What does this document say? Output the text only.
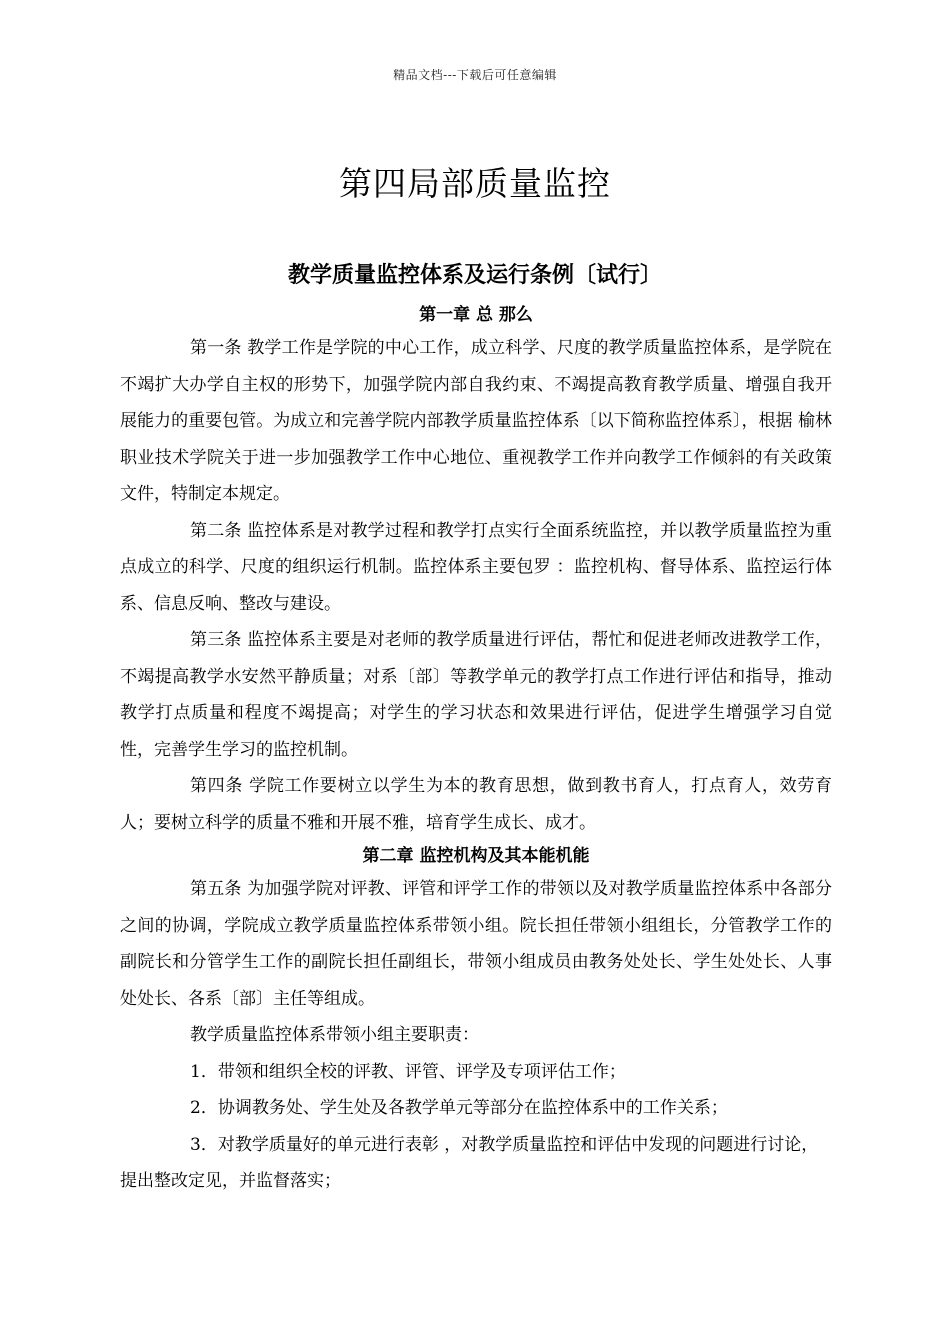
精品文档---下载后可任意编辑
第四局部质量监控
教学质量监控体系及运行条例〔试行〕
第一章 总 那么

第一条 教学工作是学院的中心工作，成立科学、尺度的教学质量监控体系，是学院在不竭扩大办学自主权的形势下，加强学院内部自我约束、不竭提高教育教学质量、增强自我开展能力的重要包管。为成立和完善学院内部教学质量监控体系〔以下简称监控体系〕，根据 榆林职业技术学院关于进一步加强教学工作中心地位、重视教学工作并向教学工作倾斜的有关政策文件，特制定本规定。

第二条 监控体系是对教学过程和教学打点实行全面系统监控，并以教学质量监控为重点成立的科学、尺度的组织运行机制。监控体系主要包罗 ：监控机构、督导体系、监控运行体系、信息反响、整改与建设。

第三条 监控体系主要是对老师的教学质量进行评估，帮忙和促进老师改进教学工作，不竭提高教学水安然平静质量；对系〔部〕等教学单元的教学打点工作进行评估和指导，推动教学打点质量和程度不竭提高；对学生的学习状态和效果进行评估，促进学生增强学习自觉性，完善学生学习的监控机制。

第四条 学院工作要树立以学生为本的教育思想，做到教书育人，打点育人，效劳育人；要树立科学的质量不雅和开展不雅，培育学生成长、成才。

第二章 监控机构及其本能机能

第五条 为加强学院对评教、评管和评学工作的带领以及对教学质量监控体系中各部分之间的协调，学院成立教学质量监控体系带领小组。院长担任带领小组组长，分管教学工作的副院长和分管学生工作的副院长担任副组长，带领小组成员由教务处处长、学生处处长、人事处处长、各系〔部〕主任等组成。

教学质量监控体系带领小组主要职责：

1．带领和组织全校的评教、评管、评学及专项评估工作；

2．协调教务处、学生处及各教学单元等部分在监控体系中的工作关系；

3．对教学质量好的单元进行表彰 ，对教学质量监控和评估中发现的问题进行讨论，提出整改定见，并监督落实；
